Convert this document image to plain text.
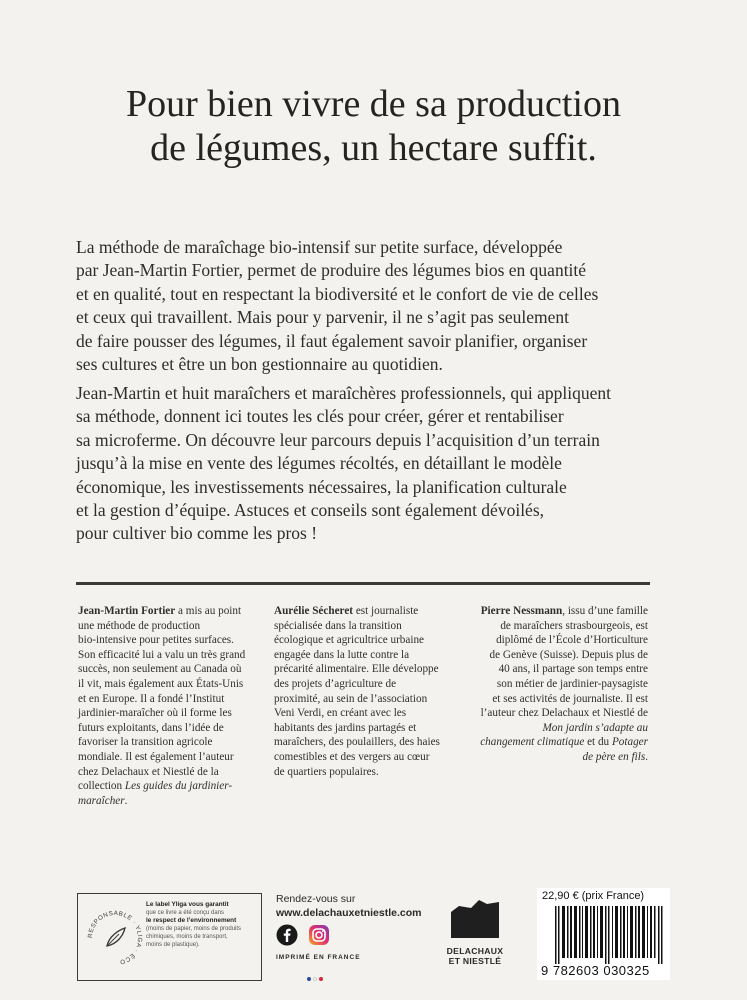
Pour bien vivre de sa production
de légumes, un hectare suffit.
La méthode de maraîchage bio-intensif sur petite surface, développée
par Jean-Martin Fortier, permet de produire des légumes bios en quantité
et en qualité, tout en respectant la biodiversité et le confort de vie de celles
et ceux qui travaillent. Mais pour y parvenir, il ne s’agit pas seulement
de faire pousser des légumes, il faut également savoir planifier, organiser
ses cultures et être un bon gestionnaire au quotidien.
Jean-Martin et huit maraîchers et maraîchères professionnels, qui appliquent
sa méthode, donnent ici toutes les clés pour créer, gérer et rentabiliser
sa microferme. On découvre leur parcours depuis l’acquisition d’un terrain
jusqu’à la mise en vente des légumes récoltés, en détaillant le modèle
économique, les investissements nécessaires, la planification culturale
et la gestion d’équipe. Astuces et conseils sont également dévoilés,
pour cultiver bio comme les pros !
Jean-Martin Fortier a mis au point
une méthode de production
bio-intensive pour petites surfaces.
Son efficacité lui a valu un très grand
succès, non seulement au Canada où
il vit, mais également aux États-Unis
et en Europe. Il a fondé l’Institut
jardinier-maraîcher où il forme les
futurs exploitants, dans l’idée de
favoriser la transition agricole
mondiale. Il est également l’auteur
chez Delachaux et Niestlé de la
collection Les guides du jardinier-
maraîcher.
Aurélie Sécheret est journaliste
spécialisée dans la transition
écologique et agricultrice urbaine
engagée dans la lutte contre la
précarité alimentaire. Elle développe
des projets d’agriculture de
proximité, au sein de l’association
Veni Verdi, en créant avec les
habitants des jardins partagés et
maraîchers, des poulaillers, des haies
comestibles et des vergers au cœur
de quartiers populaires.
Pierre Nessmann, issu d’une famille
de maraîchers strasbourgeois, est
diplômé de l’École d’Horticulture
de Genève (Suisse). Depuis plus de
40 ans, il partage son temps entre
son métier de jardinier-paysagiste
et ses activités de journaliste. Il est
l’auteur chez Delachaux et Niestlé de
Mon jardin s’adapte au
changement climatique et du Potager
de père en fils.
RESPONSABLE · YLIGA · ÉCO
Le label Yliga vous garantit
que ce livre a été conçu dans
le respect de l’environnement
(moins de papier, moins de produits
chimiques, moins de transport,
moins de plastique).
Rendez-vous sur
www.delachauxetniestle.com

IMPRIMÉ EN FRANCE
DELACHAUX
ET NIESTLÉ
22,90 € (prix France)
9 782603 030325
